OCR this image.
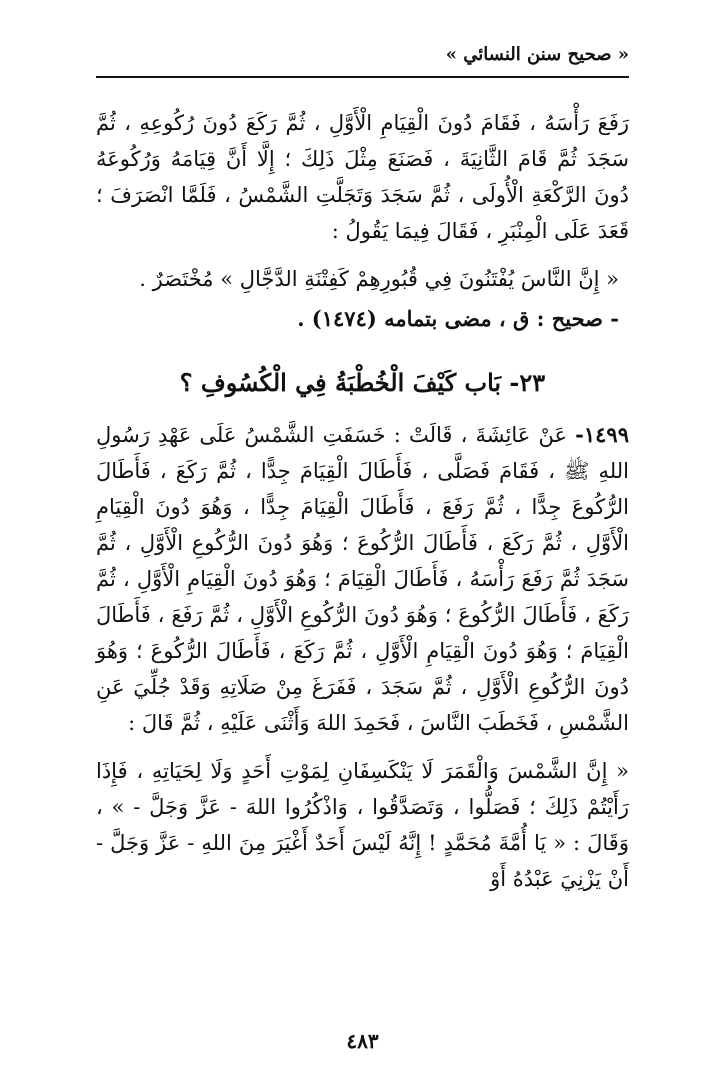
« صحيح سنن النسائي »

رَفَعَ رَأْسَهُ ، فَقَامَ دُونَ الْقِيَامِ الْأَوَّلِ ، ثُمَّ رَكَعَ دُونَ رُكُوعِهِ ، ثُمَّ سَجَدَ ثُمَّ قَامَ الثَّانِيَةَ ، فَصَنَعَ مِثْلَ ذَلِكَ ؛ إِلَّا أَنَّ قِيَامَهُ وَرُكُوعَهُ دُونَ الرَّكْعَةِ الْأُولَى ، ثُمَّ سَجَدَ وَتَجَلَّتِ الشَّمْسُ ، فَلَمَّا انْصَرَفَ ؛ قَعَدَ عَلَى الْمِنْبَرِ ، فَقَالَ فِيمَا يَقُولُ :

« إِنَّ النَّاسَ يُفْتَنُونَ فِي قُبُورِهِمْ كَفِتْنَةِ الدَّجَّالِ » مُخْتَصَرٌ .

- صحيح : ق ، مضى بتمامه (١٤٧٤) .

٢٣- بَاب كَيْفَ الْخُطْبَةُ فِي الْكُسُوفِ ؟

١٤٩٩- عَنْ عَائِشَةَ ، قَالَتْ : خَسَفَتِ الشَّمْسُ عَلَى عَهْدِ رَسُولِ اللهِ ﷺ ، فَقَامَ فَصَلَّى ، فَأَطَالَ الْقِيَامَ جِدًّا ، ثُمَّ رَكَعَ ، فَأَطَالَ الرُّكُوعَ جِدًّا ، ثُمَّ رَفَعَ ، فَأَطَالَ الْقِيَامَ جِدًّا ، وَهُوَ دُونَ الْقِيَامِ الْأَوَّلِ ، ثُمَّ رَكَعَ ، فَأَطَالَ الرُّكُوعَ ؛ وَهُوَ دُونَ الرُّكُوعِ الْأَوَّلِ ، ثُمَّ سَجَدَ ثُمَّ رَفَعَ رَأْسَهُ ، فَأَطَالَ الْقِيَامَ ؛ وَهُوَ دُونَ الْقِيَامِ الْأَوَّلِ ، ثُمَّ رَكَعَ ، فَأَطَالَ الرُّكُوعَ ؛ وَهُوَ دُونَ الرُّكُوعِ الْأَوَّلِ ، ثُمَّ رَفَعَ ، فَأَطَالَ الْقِيَامَ ؛ وَهُوَ دُونَ الْقِيَامِ الْأَوَّلِ ، ثُمَّ رَكَعَ ، فَأَطَالَ الرُّكُوعَ ؛ وَهُوَ دُونَ الرُّكُوعِ الْأَوَّلِ ، ثُمَّ سَجَدَ ، فَفَرَغَ مِنْ صَلَاتِهِ وَقَدْ جُلِّيَ عَنِ الشَّمْسِ ، فَخَطَبَ النَّاسَ ، فَحَمِدَ اللهَ وَأَثْنَى عَلَيْهِ ، ثُمَّ قَالَ :

« إِنَّ الشَّمْسَ وَالْقَمَرَ لَا يَنْكَسِفَانِ لِمَوْتِ أَحَدٍ وَلَا لِحَيَاتِهِ ، فَإِذَا رَأَيْتُمْ ذَلِكَ ؛ فَصَلُّوا ، وَتَصَدَّقُوا ، وَاذْكُرُوا اللهَ - عَزَّ وَجَلَّ - » ، وَقَالَ : « يَا أُمَّةَ مُحَمَّدٍ ! إِنَّهُ لَيْسَ أَحَدٌ أَغْيَرَ مِنَ اللهِ - عَزَّ وَجَلَّ - أَنْ يَزْنِيَ عَبْدُهُ أَوْ

٤٨٣
